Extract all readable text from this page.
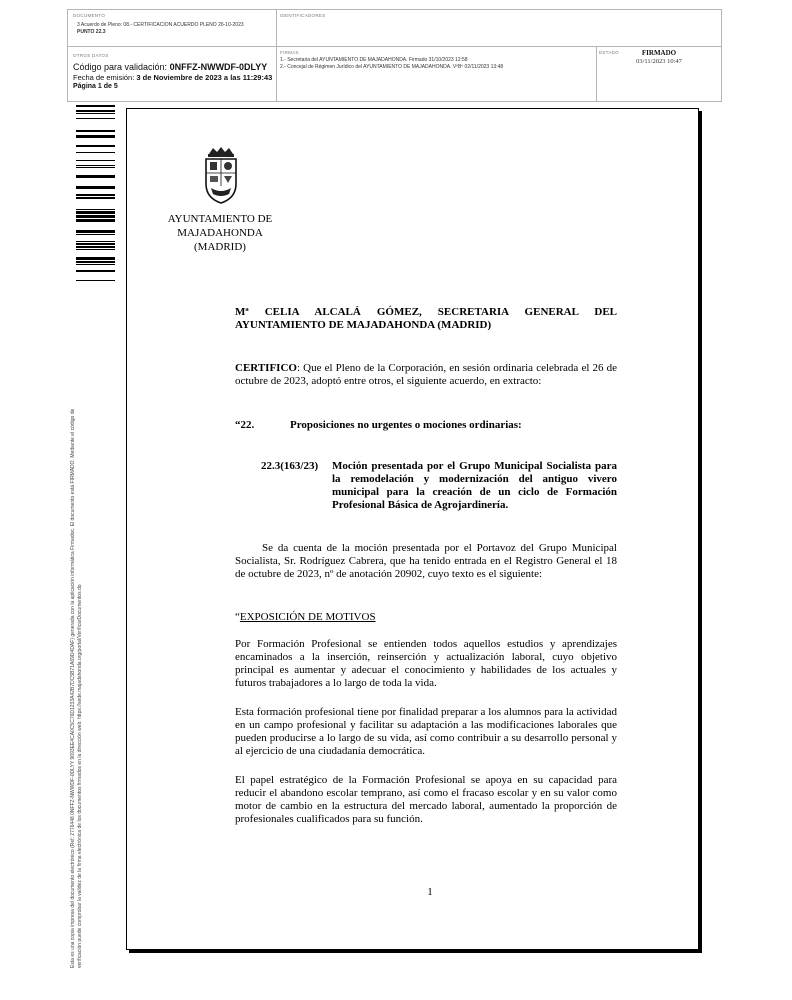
DOCUMENTO
3 Acuerdo de Pleno: 08.- CERTIFICACION ACUERDO PLENO 26-10-2023
PUNTO 22.3
IDENTIFICADORES
OTROS DATOS
Código para validación: 0NFFZ-NWWDF-0DLYY
Fecha de emisión: 3 de Noviembre de 2023 a las 11:29:43
Página 1 de 5
FIRMAS
1.- Secretaria del AYUNTAMIENTO DE MAJADAHONDA. Firmado 31/10/2023 12:58
2.- Concejal de Régimen Jurídico del AYUNTAMIENTO DE MAJADAHONDA. VºBº 02/11/2023 13:48
ESTADO	FIRMADO
03/11/2023 10:47
Esta es una copia impresa del documento electrónico (Ref: 2776448 0NFFZ-NWWDF-0DLYY 9693EE4CA0C5C76D1233A42B7DC5B71A69D4DAF) generada con la aplicación informática Firmadoc. El documento está FIRMADO. Mediante el código de verificación puede comprobar la validez de la firma electrónica de los documentos firmados en la dirección web: https://sede.majadahonda.org/portal/VerificarDocumentos.do
AYUNTAMIENTO DE
MAJADAHONDA
(MADRID)
Mª CELIA ALCALÁ GÓMEZ, SECRETARIA GENERAL DEL AYUNTAMIENTO DE MAJADAHONDA (MADRID)
CERTIFICO: Que el Pleno de la Corporación, en sesión ordinaria celebrada el 26 de octubre de 2023, adoptó entre otros, el siguiente acuerdo, en extracto:
“22.	Proposiciones no urgentes o mociones ordinarias:
22.3(163/23) Moción presentada por el Grupo Municipal Socialista para la remodelación y modernización del antiguo vivero municipal para la creación de un ciclo de Formación Profesional Básica de Agrojardinería.
Se da cuenta de la moción presentada por el Portavoz del Grupo Municipal Socialista, Sr. Rodríguez Cabrera, que ha tenido entrada en el Registro General el 18 de octubre de 2023, nº de anotación 20902, cuyo texto es el siguiente:
“EXPOSICIÓN DE MOTIVOS
Por Formación Profesional se entienden todos aquellos estudios y aprendizajes encaminados a la inserción, reinserción y actualización laboral, cuyo objetivo principal es aumentar y adecuar el conocimiento y habilidades de los actuales y futuros trabajadores a lo largo de toda la vida.
Esta formación profesional tiene por finalidad preparar a los alumnos para la actividad en un campo profesional y facilitar su adaptación a las modificaciones laborales que pueden producirse a lo largo de su vida, así como contribuir a su desarrollo personal y al ejercicio de una ciudadanía democrática.
El papel estratégico de la Formación Profesional se apoya en su capacidad para reducir el abandono escolar temprano, así como el fracaso escolar y en su valor como motor de cambio en la estructura del mercado laboral, aumentado la proporción de profesionales cualificados para su función.
1
